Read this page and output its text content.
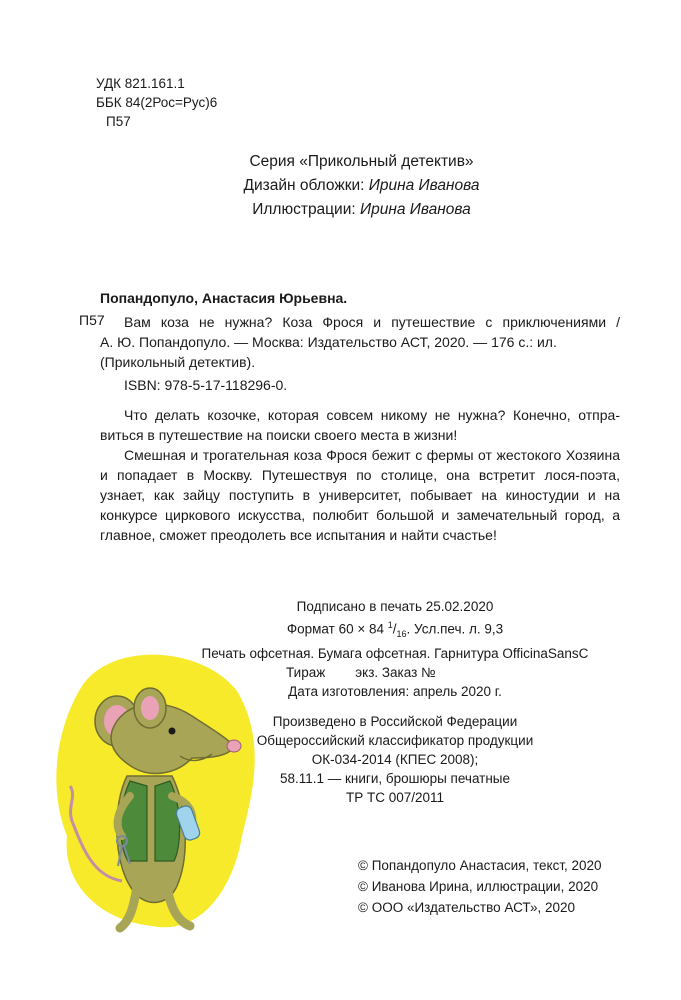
УДК 821.161.1
ББК 84(2Рос=Рус)6
П57
Серия «Прикольный детектив»
Дизайн обложки: Ирина Иванова
Иллюстрации: Ирина Иванова
Попандопуло, Анастасия Юрьевна.
П57	Вам коза не нужна? Коза Фрося и путешествие с приключениями /
А. Ю. Попандопуло. — Москва: Издательство АСТ, 2020. — 176 с.: ил.
(Прикольный детектив).
ISBN: 978-5-17-118296-0.

Что делать козочке, которая совсем никому не нужна? Конечно, отправиться в путешествие на поиски своего места в жизни!

Смешная и трогательная коза Фрося бежит с фермы от жестокого Хозяина и попадает в Москву. Путешествуя по столице, она встретит лося-поэта, узнает, как зайцу поступить в университет, побывает на киностудии и на конкурсе циркового искусства, полюбит большой и замечательный город, а главное, сможет преодолеть все испытания и найти счастье!

Подписано в печать 25.02.2020
Формат 60 × 84 $^1/_{16}$. Усл.печ. л. 9,3
Печать офсетная. Бумага офсетная. Гарнитура OfficinaSansC
Тираж экз. Заказ №
Дата изготовления: апрель 2020 г.
Произведено в Российской Федерации
Общероссийский классификатор продукции
ОК-034-2014 (КПЕС 2008);
58.11.1 — книги, брошюры печатные
ТР ТС 007/2011
© Попандопуло Анастасия, текст, 2020
© Иванова Ирина, иллюстрации, 2020
© ООО «Издательство АСТ», 2020
